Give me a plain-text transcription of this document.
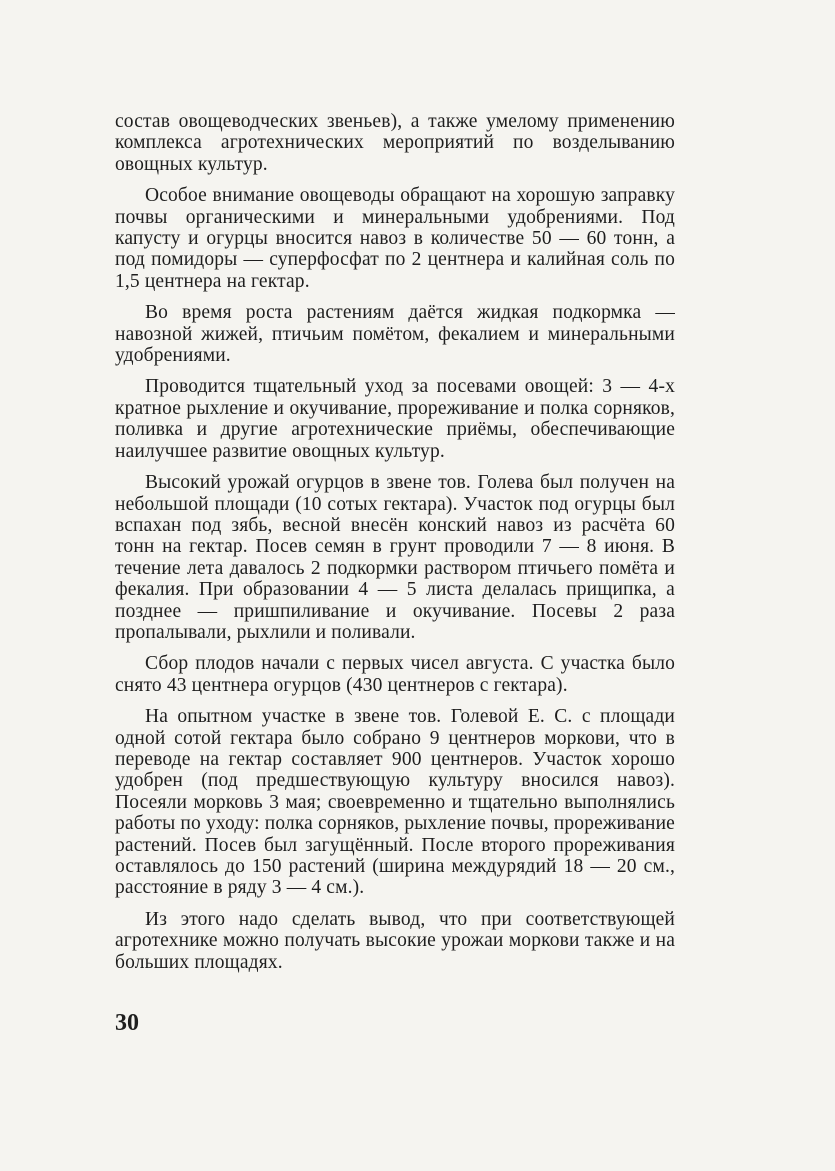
состав овощеводческих звеньев), а также умелому применению комплекса агротехнических мероприятий по возделыванию овощных культур.

Особое внимание овощеводы обращают на хорошую заправку почвы органическими и минеральными удобрениями. Под капусту и огурцы вносится навоз в количестве 50 — 60 тонн, а под помидоры — суперфосфат по 2 центнера и калийная соль по 1,5 центнера на гектар.

Во время роста растениям даётся жидкая подкормка — навозной жижей, птичьим помётом, фекалием и минеральными удобрениями.

Проводится тщательный уход за посевами овощей: 3 — 4-х кратное рыхление и окучивание, прореживание и полка сорняков, поливка и другие агротехнические приёмы, обеспечивающие наилучшее развитие овощных культур.

Высокий урожай огурцов в звене тов. Голева был получен на небольшой площади (10 сотых гектара). Участок под огурцы был вспахан под зябь, весной внесён конский навоз из расчёта 60 тонн на гектар. Посев семян в грунт проводили 7 — 8 июня. В течение лета давалось 2 подкормки раствором птичьего помёта и фекалия. При образовании 4 — 5 листа делалась прищипка, а позднее — пришпиливание и окучивание. Посевы 2 раза пропалывали, рыхлили и поливали.

Сбор плодов начали с первых чисел августа. С участка было снято 43 центнера огурцов (430 центнеров с гектара).

На опытном участке в звене тов. Голевой Е. С. с площади одной сотой гектара было собрано 9 центнеров моркови, что в переводе на гектар составляет 900 центнеров. Участок хорошо удобрен (под предшествующую культуру вносился навоз). Посеяли морковь 3 мая; своевременно и тщательно выполнялись работы по уходу: полка сорняков, рыхление почвы, прореживание растений. Посев был загущённый. После второго прореживания оставлялось до 150 растений (ширина междурядий 18 — 20 см., расстояние в ряду 3 — 4 см.).

Из этого надо сделать вывод, что при соответствующей агротехнике можно получать высокие урожаи моркови также и на больших площадях.

30
